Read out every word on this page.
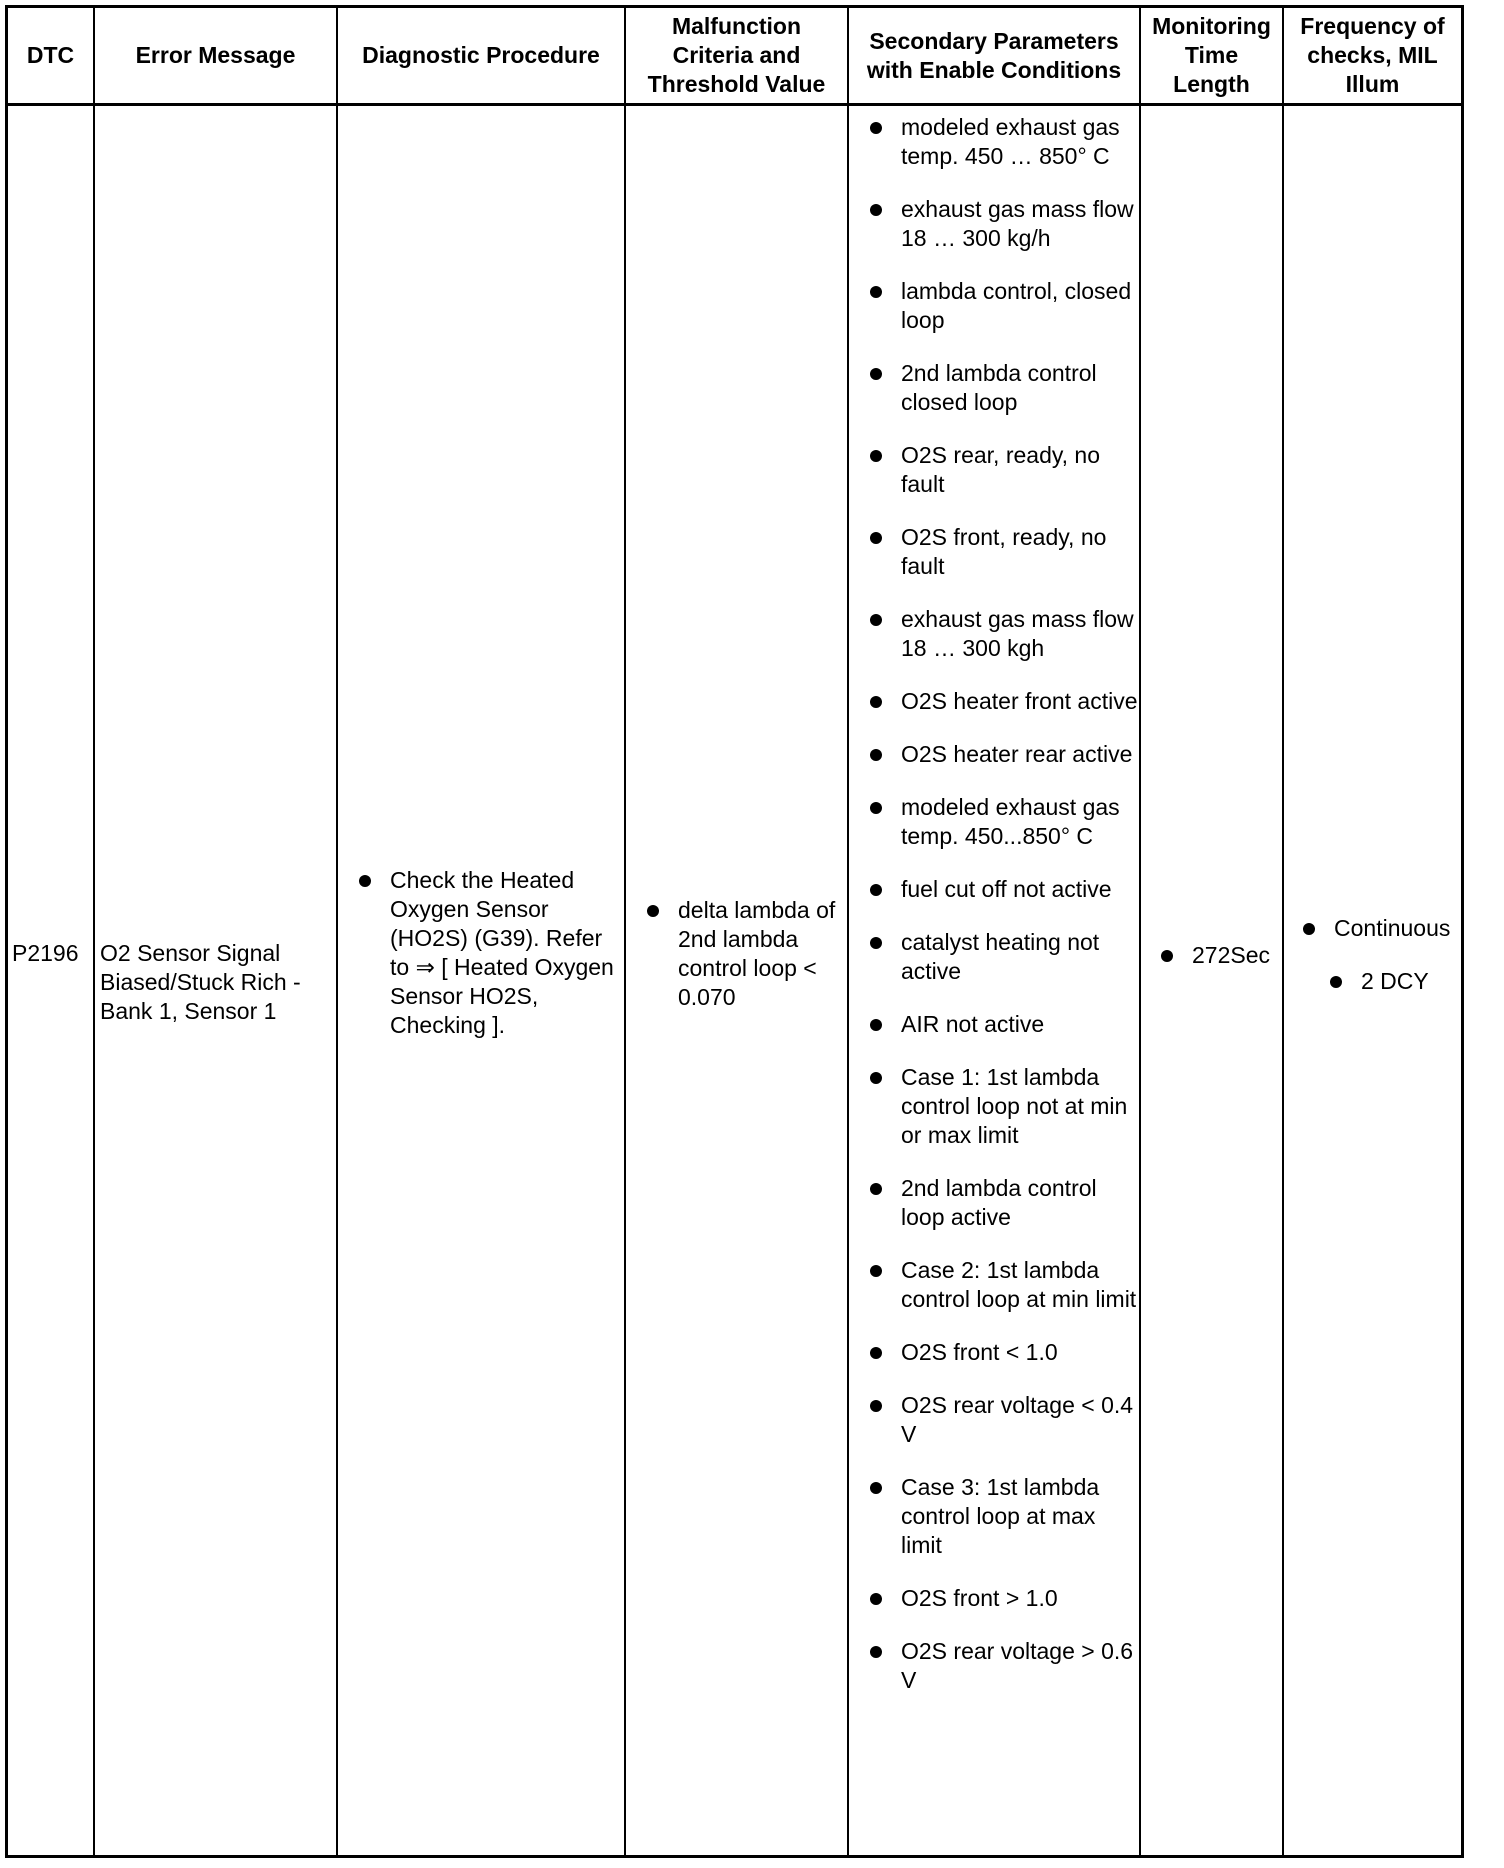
DTC	Error Message	Diagnostic Procedure
Malfunction Criteria and Threshold Value
Secondary Parameters with Enable Conditions
Monitoring Time Length
Frequency of checks, MIL Illum
P2196 O2 Sensor Signal Biased/Stuck Rich - Bank 1, Sensor 1
Check the Heated Oxygen Sensor (HO2S) (G39). Refer to ⇒ [ Heated Oxygen Sensor HO2S, Checking ].
delta lambda of 2nd lambda control loop < 0.070
modeled exhaust gas temp. 450 … 850° C
exhaust gas mass flow 18 … 300 kg/h
lambda control, closed loop
2nd lambda control closed loop
O2S rear, ready, no fault
O2S front, ready, no fault
exhaust gas mass flow 18 … 300 kgh
O2S heater front active
O2S heater rear active
modeled exhaust gas temp. 450...850° C
fuel cut off not active
catalyst heating not active
AIR not active
Case 1: 1st lambda control loop not at min or max limit
2nd lambda control loop active
Case 2: 1st lambda control loop at min limit
O2S front < 1.0
O2S rear voltage < 0.4 V
Case 3: 1st lambda control loop at max limit
O2S front > 1.0
O2S rear voltage > 0.6 V
272Sec
Continuous
2 DCY
